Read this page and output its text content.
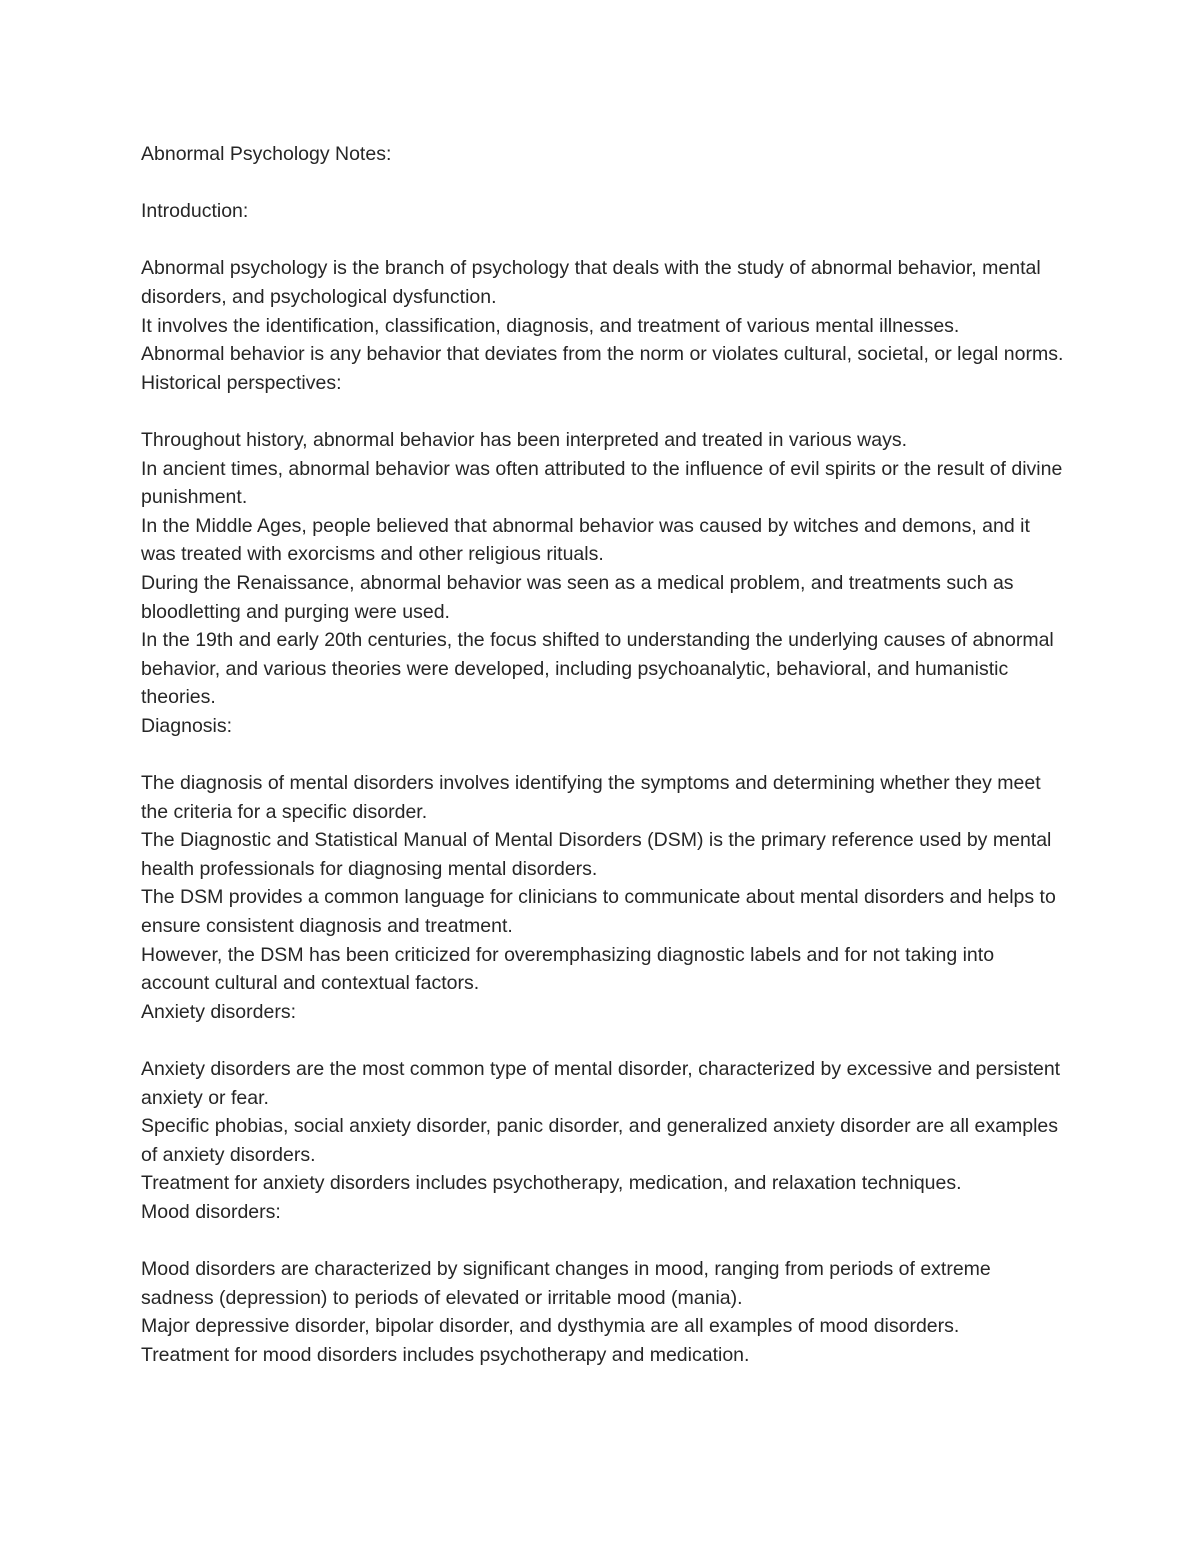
Abnormal Psychology Notes:

Introduction:

Abnormal psychology is the branch of psychology that deals with the study of abnormal behavior, mental disorders, and psychological dysfunction.

It involves the identification, classification, diagnosis, and treatment of various mental illnesses.

Abnormal behavior is any behavior that deviates from the norm or violates cultural, societal, or legal norms.

Historical perspectives:

Throughout history, abnormal behavior has been interpreted and treated in various ways.

In ancient times, abnormal behavior was often attributed to the influence of evil spirits or the result of divine punishment.

In the Middle Ages, people believed that abnormal behavior was caused by witches and demons, and it was treated with exorcisms and other religious rituals.

During the Renaissance, abnormal behavior was seen as a medical problem, and treatments such as bloodletting and purging were used.

In the 19th and early 20th centuries, the focus shifted to understanding the underlying causes of abnormal behavior, and various theories were developed, including psychoanalytic, behavioral, and humanistic theories.

Diagnosis:

The diagnosis of mental disorders involves identifying the symptoms and determining whether they meet the criteria for a specific disorder.

The Diagnostic and Statistical Manual of Mental Disorders (DSM) is the primary reference used by mental health professionals for diagnosing mental disorders.

The DSM provides a common language for clinicians to communicate about mental disorders and helps to ensure consistent diagnosis and treatment.

However, the DSM has been criticized for overemphasizing diagnostic labels and for not taking into account cultural and contextual factors.

Anxiety disorders:

Anxiety disorders are the most common type of mental disorder, characterized by excessive and persistent anxiety or fear.

Specific phobias, social anxiety disorder, panic disorder, and generalized anxiety disorder are all examples of anxiety disorders.

Treatment for anxiety disorders includes psychotherapy, medication, and relaxation techniques.

Mood disorders:

Mood disorders are characterized by significant changes in mood, ranging from periods of extreme sadness (depression) to periods of elevated or irritable mood (mania).

Major depressive disorder, bipolar disorder, and dysthymia are all examples of mood disorders.

Treatment for mood disorders includes psychotherapy and medication.
